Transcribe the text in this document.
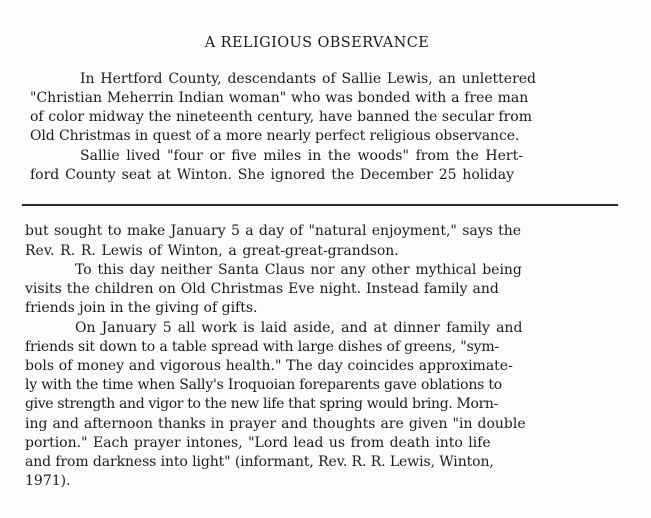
A RELIGIOUS OBSERVANCE
In Hertford County, descendants of Sallie Lewis, an unlettered
"Christian Meherrin Indian woman" who was bonded with a free man
of color midway the nineteenth century, have banned the secular from
Old Christmas in quest of a more nearly perfect religious observance.
Sallie lived "four or five miles in the woods" from the Hert-
ford County seat at Winton. She ignored the December 25 holiday
but sought to make January 5 a day of "natural enjoyment," says the
Rev. R. R. Lewis of Winton, a great-great-grandson.
To this day neither Santa Claus nor any other mythical being
visits the children on Old Christmas Eve night. Instead family and
friends join in the giving of gifts.
On January 5 all work is laid aside, and at dinner family and
friends sit down to a table spread with large dishes of greens, "sym-
bols of money and vigorous health." The day coincides approximate-
ly with the time when Sally's Iroquoian foreparents gave oblations to
give strength and vigor to the new life that spring would bring. Morn-
ing and afternoon thanks in prayer and thoughts are given "in double
portion." Each prayer intones, "Lord lead us from death into life
and from darkness into light" (informant, Rev. R. R. Lewis, Winton,
1971).
